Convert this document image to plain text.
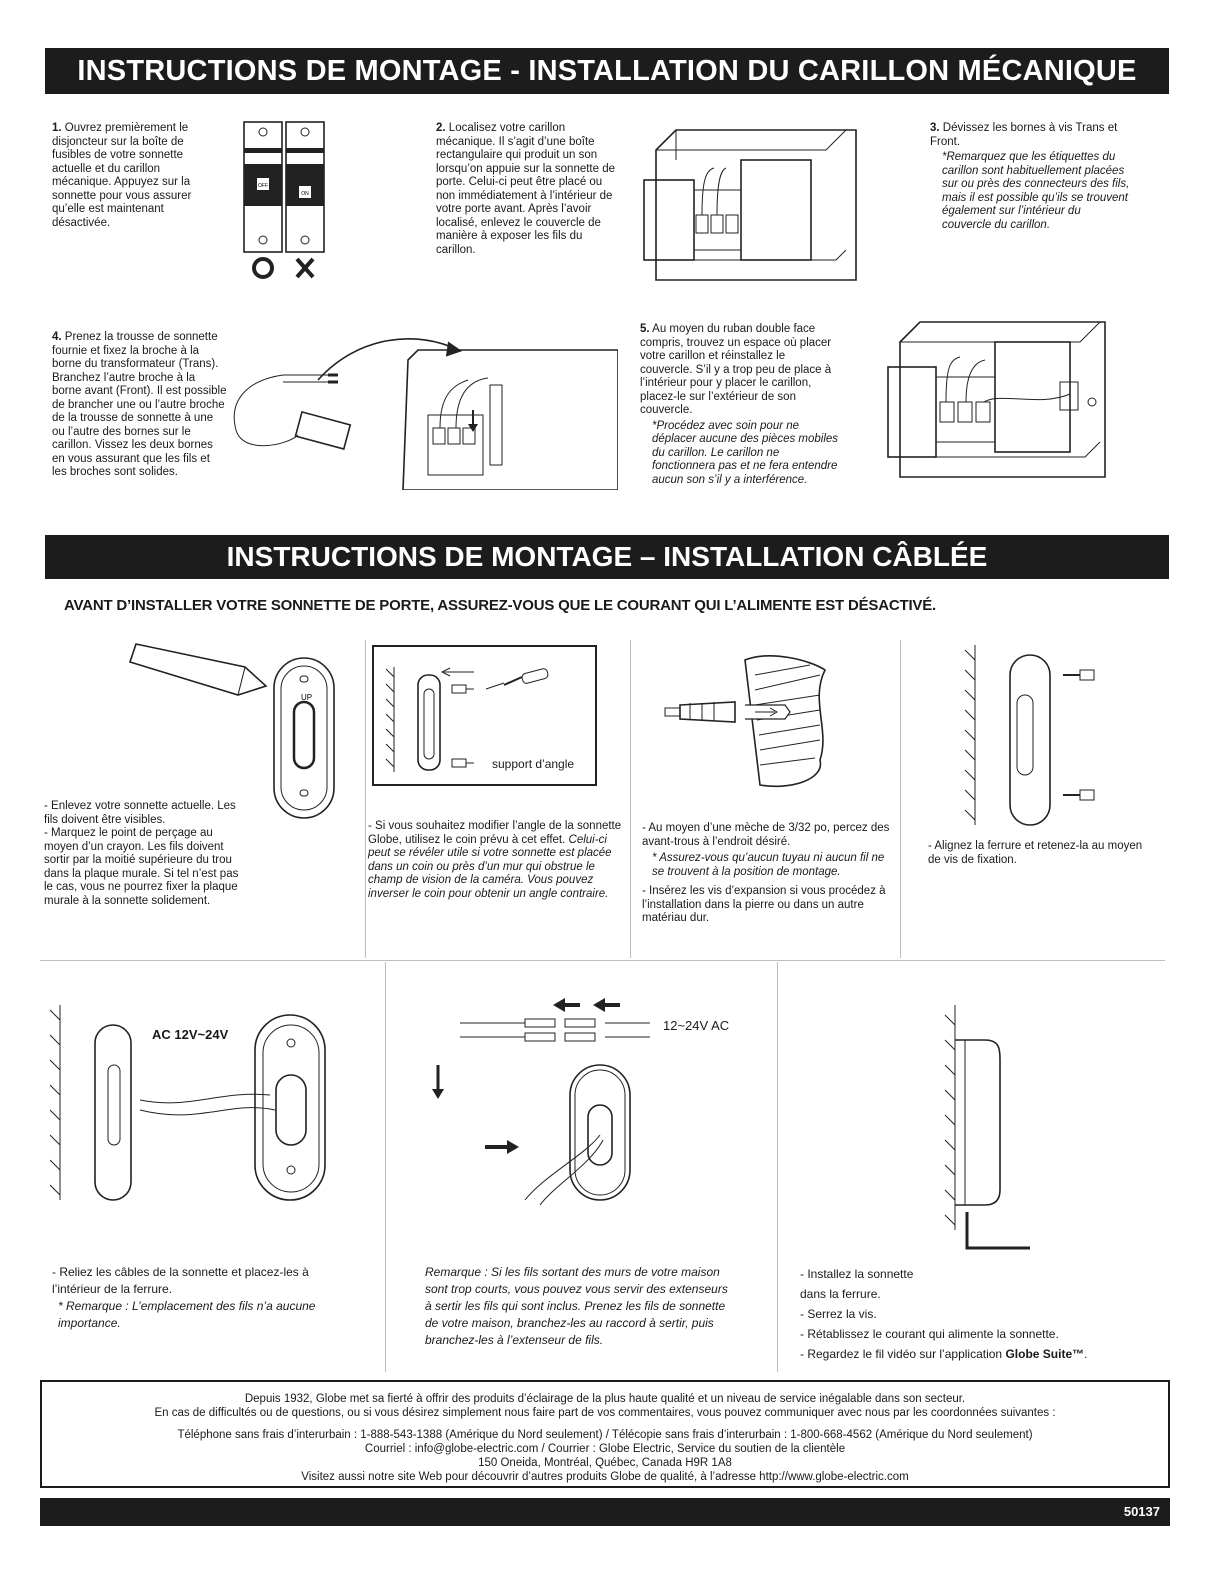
INSTRUCTIONS DE MONTAGE - INSTALLATION DU CARILLON MÉCANIQUE
1. Ouvrez premièrement le disjoncteur sur la boîte de fusibles de votre sonnette actuelle et du carillon mécanique. Appuyez sur la sonnette pour vous assurer qu’elle est maintenant désactivée.
OFF
ON
2. Localisez votre carillon mécanique. Il s’agit d’une boîte rectangulaire qui produit un son lorsqu’on appuie sur la sonnette de porte. Celui-ci peut être placé ou non immédiatement à l’intérieur de votre porte avant. Après l’avoir localisé, enlevez le couvercle de manière à exposer les fils du carillon.

3. Dévissez les bornes à vis Trans et Front.

*Remarquez que les étiquettes du carillon sont habituellement placées sur ou près des connecteurs des fils, mais il est possible qu’ils se trouvent également sur l’intérieur du couvercle du carillon.

4. Prenez la trousse de sonnette fournie et fixez la broche à la borne du transformateur (Trans). Branchez l’autre broche à la borne avant (Front). Il est possible de brancher une ou l’autre broche de la trousse de sonnette à une ou l’autre des bornes sur le carillon. Vissez les deux bornes en vous assurant que les fils et les broches sont solides.

5. Au moyen du ruban double face compris, trouvez un espace où placer votre carillon et réinstallez le couvercle. S’il y a trop peu de place à l’intérieur pour y placer le carillon, placez-le sur l’extérieur de son couvercle.

*Procédez avec soin pour ne déplacer aucune des pièces mobiles du carillon. Le carillon ne fonctionnera pas et ne fera entendre aucun son s’il y a interférence.

INSTRUCTIONS DE MONTAGE – INSTALLATION CÂBLÉE
AVANT D’INSTALLER VOTRE SONNETTE DE PORTE, ASSUREZ-VOUS QUE LE COURANT QUI L’ALIMENTE EST DÉSACTIVÉ.
UP

- Enlevez votre sonnette actuelle. Les fils doivent être visibles.

- Marquez le point de perçage au moyen d’un crayon. Les fils doivent sortir par la moitié supérieure du trou dans la plaque murale. Si tel n’est pas le cas, vous ne pourrez fixer la plaque murale à la sonnette solidement.

support d’angle
- Si vous souhaitez modifier l’angle de la sonnette Globe, utilisez le coin prévu à cet effet. Celui-ci peut se révéler utile si votre sonnette est placée dans un coin ou près d’un mur qui obstrue le champ de vision de la caméra. Vous pouvez inverser le coin pour obtenir un angle contraire.

- Au moyen d’une mèche de 3/32 po, percez des avant-trous à l’endroit désiré.

* Assurez-vous qu’aucun tuyau ni aucun fil ne se trouvent à la position de montage.

- Insérez les vis d’expansion si vous procédez à l’installation dans la pierre ou dans un autre matériau dur.

- Alignez la ferrure et retenez-la au moyen de vis de fixation.

AC 12V~24V

- Reliez les câbles de la sonnette et placez-les à l’intérieur de la ferrure.

* Remarque : L’emplacement des fils n’a aucune importance.

12~24V AC
Remarque : Si les fils sortant des murs de votre maison sont trop courts, vous pouvez vous servir des extenseurs à sertir les fils qui sont inclus. Prenez les fils de sonnette de votre maison, branchez-les au raccord à sertir, puis branchez-les à l’extenseur de fils.

- Installez la sonnette dans la ferrure.

- Serrez la vis.

- Rétablissez le courant qui alimente la sonnette.

- Regardez le fil vidéo sur l’application Globe Suite™.

Depuis 1932, Globe met sa fierté à offrir des produits d’éclairage de la plus haute qualité et un niveau de service inégalable dans son secteur.
En cas de difficultés ou de questions, ou si vous désirez simplement nous faire part de vos commentaires, vous pouvez communiquer avec nous par les coordonnées suivantes :
Téléphone sans frais d’interurbain : 1-888-543-1388 (Amérique du Nord seulement) / Télécopie sans frais d’interurbain : 1-800-668-4562 (Amérique du Nord seulement)
Courriel : info@globe-electric.com / Courrier : Globe Electric, Service du soutien de la clientèle
150 Oneida, Montréal, Québec, Canada H9R 1A8
Visitez aussi notre site Web pour découvrir d’autres produits Globe de qualité, à l’adresse http://www.globe-electric.com
50137
